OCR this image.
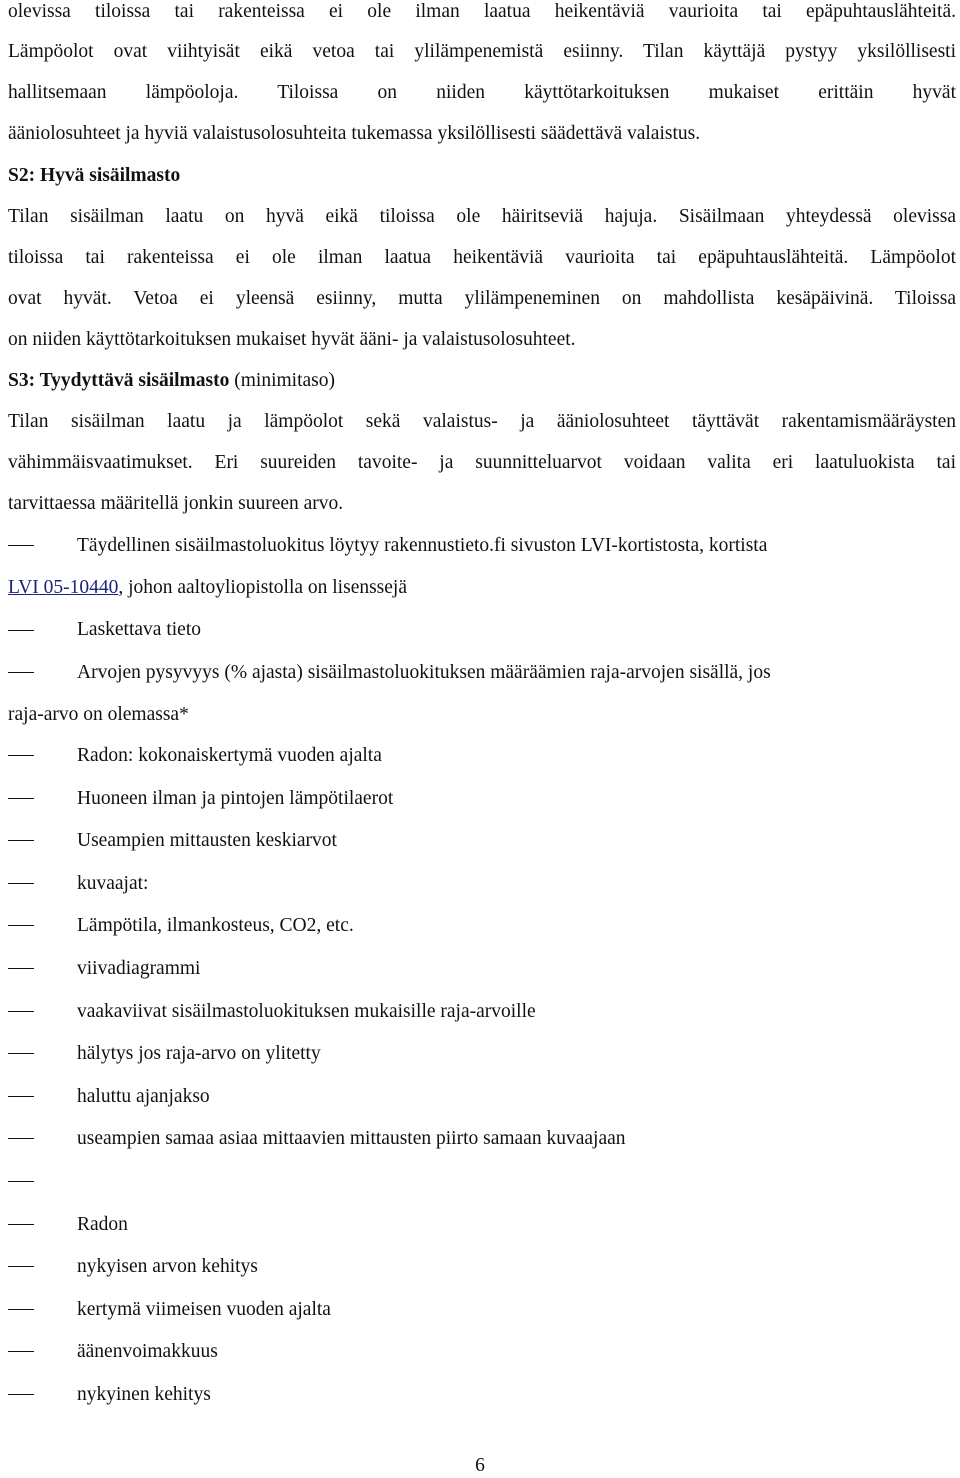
olevissa tiloissa tai rakenteissa ei ole ilman laatua heikentäviä vaurioita tai epäpuhtauslähteitä.
Lämpöolot ovat viihtyisät eikä vetoa tai ylilämpenemistä esiinny. Tilan käyttäjä pystyy yksilöllisesti
hallitsemaan lämpöoloja. Tiloissa on niiden käyttötarkoituksen mukaiset erittäin hyvät
ääniolosuhteet ja hyviä valaistusolosuhteita tukemassa yksilöllisesti säädettävä valaistus.
S2: Hyvä sisäilmasto
Tilan sisäilman laatu on hyvä eikä tiloissa ole häiritseviä hajuja. Sisäilmaan yhteydessä olevissa
tiloissa tai rakenteissa ei ole ilman laatua heikentäviä vaurioita tai epäpuhtauslähteitä. Lämpöolot
ovat hyvät. Vetoa ei yleensä esiinny, mutta ylilämpeneminen on mahdollista kesäpäivinä. Tiloissa
on niiden käyttötarkoituksen mukaiset hyvät ääni- ja valaistusolosuhteet.
S3: Tyydyttävä sisäilmasto (minimitaso)
Tilan sisäilman laatu ja lämpöolot sekä valaistus- ja ääniolosuhteet täyttävät rakentamismääräysten
vähimmäisvaatimukset. Eri suureiden tavoite- ja suunnitteluarvot voidaan valita eri laatuluokista tai
tarvittaessa määritellä jonkin suureen arvo.
Täydellinen sisäilmastoluokitus löytyy rakennustieto.fi sivuston LVI-kortistosta, kortista
LVI 05-10440, johon aaltoyliopistolla on lisenssejä
Laskettava tieto
Arvojen pysyvyys (% ajasta) sisäilmastoluokituksen määräämien raja-arvojen sisällä, jos
raja-arvo on olemassa*
Radon: kokonaiskertymä vuoden ajalta
Huoneen ilman ja pintojen lämpötilaerot
Useampien mittausten keskiarvot
kuvaajat:
Lämpötila, ilmankosteus, CO2, etc.
viivadiagrammi
vaakaviivat sisäilmastoluokituksen mukaisille raja-arvoille
hälytys jos raja-arvo on ylitetty
haluttu ajanjakso
useampien samaa asiaa mittaavien mittausten piirto samaan kuvaajaan
Radon
nykyisen arvon kehitys
kertymä viimeisen vuoden ajalta
äänenvoimakkuus
nykyinen kehitys
6
